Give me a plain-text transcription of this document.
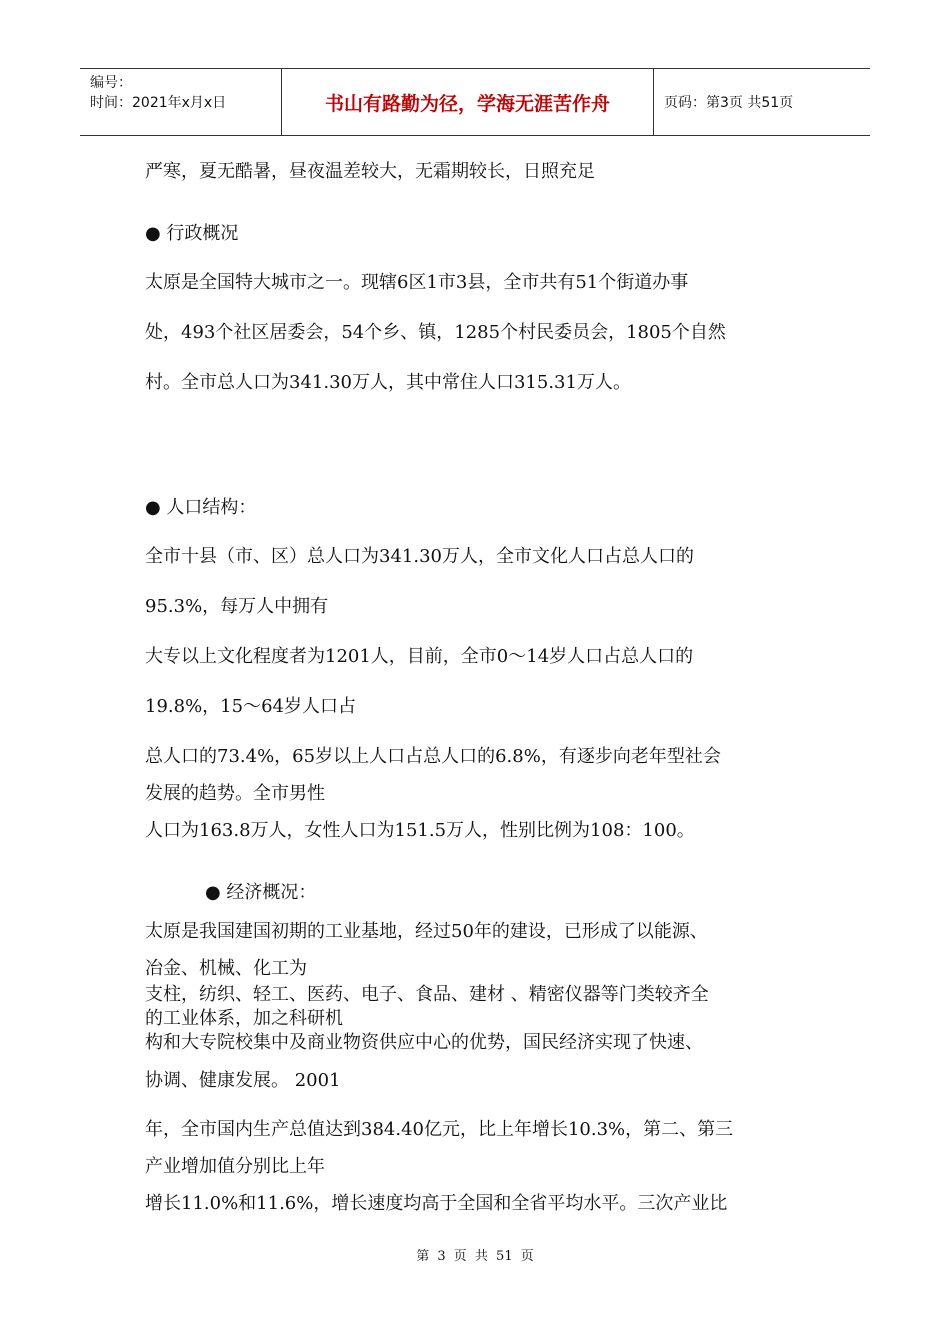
编号：
时间：2021年x月x日	书山有路勤为径，学海无涯苦作舟	页码：第3页 共51页
严寒，夏无酷暑，昼夜温差较大，无霜期较长，日照充足
● 行政概况
太原是全国特大城市之一。现辖6区1市3县，全市共有51个街道办事
处，493个社区居委会，54个乡、镇，1285个村民委员会，1805个自然
村。全市总人口为341.30万人，其中常住人口315.31万人。
● 人口结构：
全市十县（市、区）总人口为341.30万人，全市文化人口占总人口的
95.3%，每万人中拥有
大专以上文化程度者为1201人，目前，全市0～14岁人口占总人口的
19.8%，15～64岁人口占
总人口的73.4%，65岁以上人口占总人口的6.8%，有逐步向老年型社会
发展的趋势。全市男性
人口为163.8万人，女性人口为151.5万人，性别比例为108：100。
● 经济概况：
太原是我国建国初期的工业基地，经过50年的建设，已形成了以能源、
冶金、机械、化工为
支柱，纺织、轻工、医药、电子、食品、建材 、精密仪器等门类较齐全
的工业体系，加之科研机
构和大专院校集中及商业物资供应中心的优势，国民经济实现了快速、
协调、健康发展。 2001
年，全市国内生产总值达到384.40亿元，比上年增长10.3%，第二、第三
产业增加值分别比上年
增长11.0%和11.6%，增长速度均高于全国和全省平均水平。三次产业比
第 3 页 共 51 页
